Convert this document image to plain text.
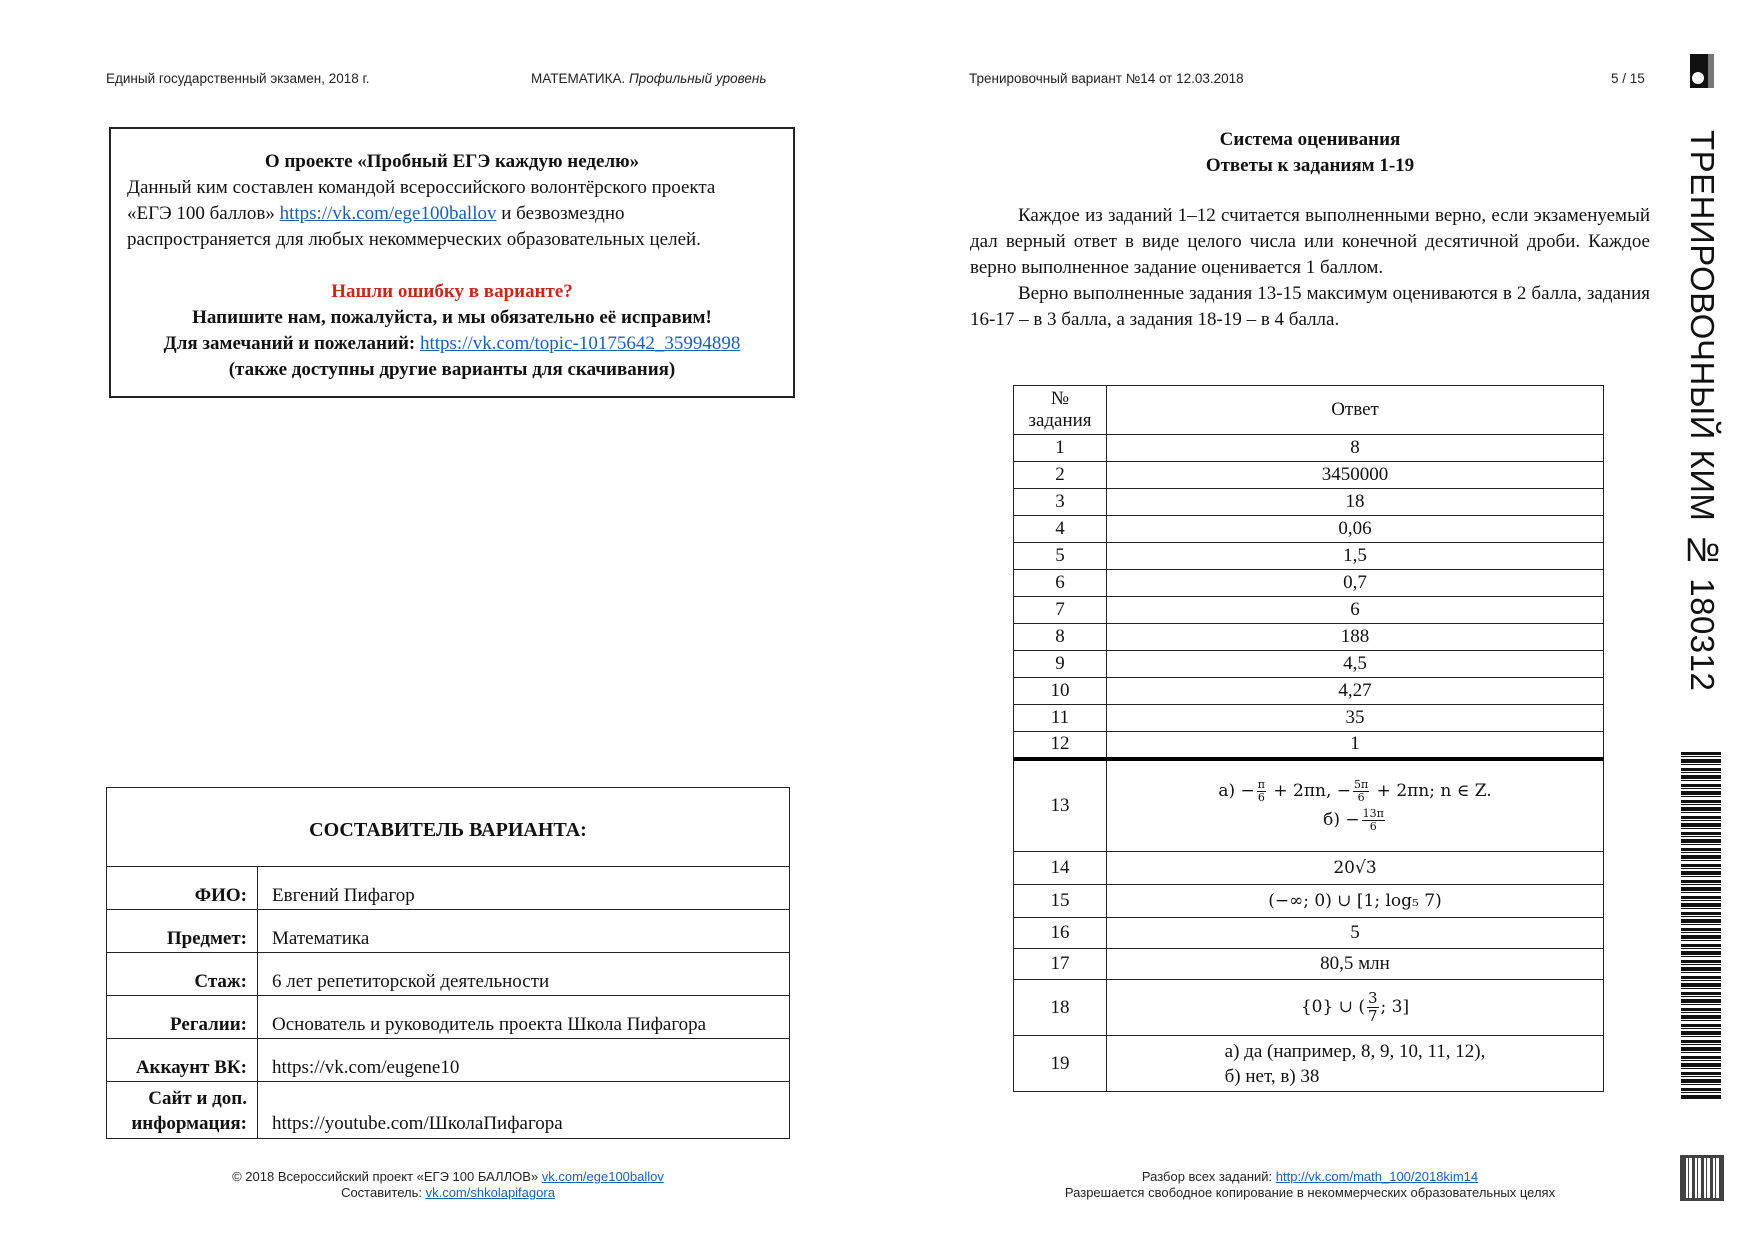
Единый государственный экзамен, 2018 г.	МАТЕМАТИКА. Профильный уровень	Тренировочный вариант №14 от 12.03.2018	5 / 15
О проекте «Пробный ЕГЭ каждую неделю»
Данный ким составлен командой всероссийского волонтёрского проекта
«ЕГЭ 100 баллов» https://vk.com/ege100ballov и безвозмездно
распространяется для любых некоммерческих образовательных целей.
Нашли ошибку в варианте?
Напишите нам, пожалуйста, и мы обязательно её исправим!
Для замечаний и пожеланий: https://vk.com/topic-10175642_35994898
(также доступны другие варианты для скачивания)
СОСТАВИТЕЛЬ ВАРИАНТА:	
ФИО:	Евгений Пифагор
Предмет:	Математика
Стаж:	6 лет репетиторской деятельности
Регалии:	Основатель и руководитель проекта Школа Пифагора
Аккаунт ВК:	https://vk.com/eugene10
Сайт и доп.
информация:	https://youtube.com/ШколаПифагора
© 2018 Всероссийский проект «ЕГЭ 100 БАЛЛОВ» vk.com/ege100ballov
Составитель: vk.com/shkolapifagora
Система оценивания
Ответы к заданиям 1-19

Каждое из заданий 1–12 считается выполненными верно, если экзаменуемый дал верный ответ в виде целого числа или конечной десятичной дроби. Каждое верно выполненное задание оценивается 1 баллом.

Верно выполненные задания 13-15 максимум оцениваются в 2 балла, задания 16-17 – в 3 балла, а задания 18-19 – в 4 балла.

№
задания	Ответ
1	8
2	3450000
3	18
4	0,06
5	1,5
6	0,7
7	6
8	188
9	4,5
10	4,27
11	35
12	1
13	
$а) - \frac{\pi}{6} + 2\pi n$, − $\frac{5\pi}{6} + 2\pi n$; n ∈ Z.
$б) - \frac{13\pi}{6}$

14	20√3
15	(−∞; 0) ∪ [1; log₅ 7)
16	5
17	80,5 млн
18	{0} ∪ ( $\frac{3}{7}$ ; 3]
19	а) да (например, 8, 9, 10, 11, 12),
б) нет, в) 38
Разбор всех заданий: http://vk.com/math_100/2018kim14
Разрешается свободное копирование в некоммерческих образовательных целях
ТРЕНИРОВОЧНЫЙ КИМ № 180312
